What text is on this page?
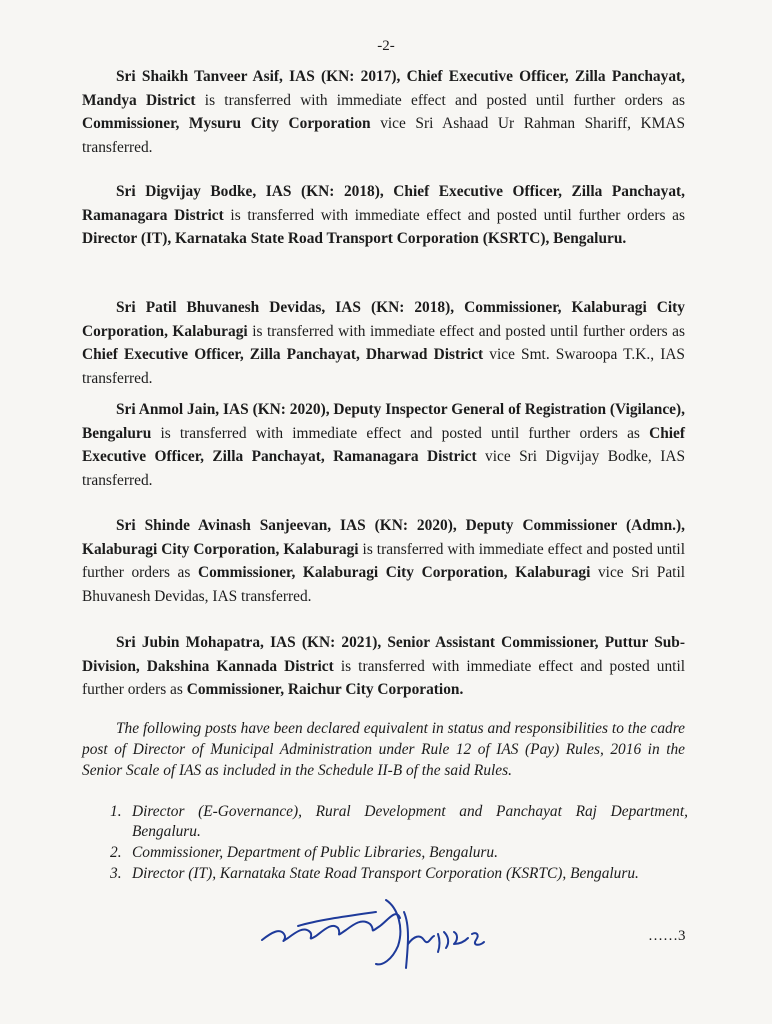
-2-

Sri Shaikh Tanveer Asif, IAS (KN: 2017), Chief Executive Officer, Zilla Panchayat, Mandya District is transferred with immediate effect and posted until further orders as Commissioner, Mysuru City Corporation vice Sri Ashaad Ur Rahman Shariff, KMAS transferred.

Sri Digvijay Bodke, IAS (KN: 2018), Chief Executive Officer, Zilla Panchayat, Ramanagara District is transferred with immediate effect and posted until further orders as Director (IT), Karnataka State Road Transport Corporation (KSRTC), Bengaluru.

Sri Patil Bhuvanesh Devidas, IAS (KN: 2018), Commissioner, Kalaburagi City Corporation, Kalaburagi is transferred with immediate effect and posted until further orders as Chief Executive Officer, Zilla Panchayat, Dharwad District vice Smt. Swaroopa T.K., IAS transferred.

Sri Anmol Jain, IAS (KN: 2020), Deputy Inspector General of Registration (Vigilance), Bengaluru is transferred with immediate effect and posted until further orders as Chief Executive Officer, Zilla Panchayat, Ramanagara District vice Sri Digvijay Bodke, IAS transferred.

Sri Shinde Avinash Sanjeevan, IAS (KN: 2020), Deputy Commissioner (Admn.), Kalaburagi City Corporation, Kalaburagi is transferred with immediate effect and posted until further orders as Commissioner, Kalaburagi City Corporation, Kalaburagi vice Sri Patil Bhuvanesh Devidas, IAS transferred.

Sri Jubin Mohapatra, IAS (KN: 2021), Senior Assistant Commissioner, Puttur Sub-Division, Dakshina Kannada District is transferred with immediate effect and posted until further orders as Commissioner, Raichur City Corporation.

The following posts have been declared equivalent in status and responsibilities to the cadre post of Director of Municipal Administration under Rule 12 of IAS (Pay) Rules, 2016 in the Senior Scale of IAS as included in the Schedule II-B of the said Rules.

1. Director (E-Governance), Rural Development and Panchayat Raj Department, Bengaluru.
2. Commissioner, Department of Public Libraries, Bengaluru.
3. Director (IT), Karnataka State Road Transport Corporation (KSRTC), Bengaluru.
……3
